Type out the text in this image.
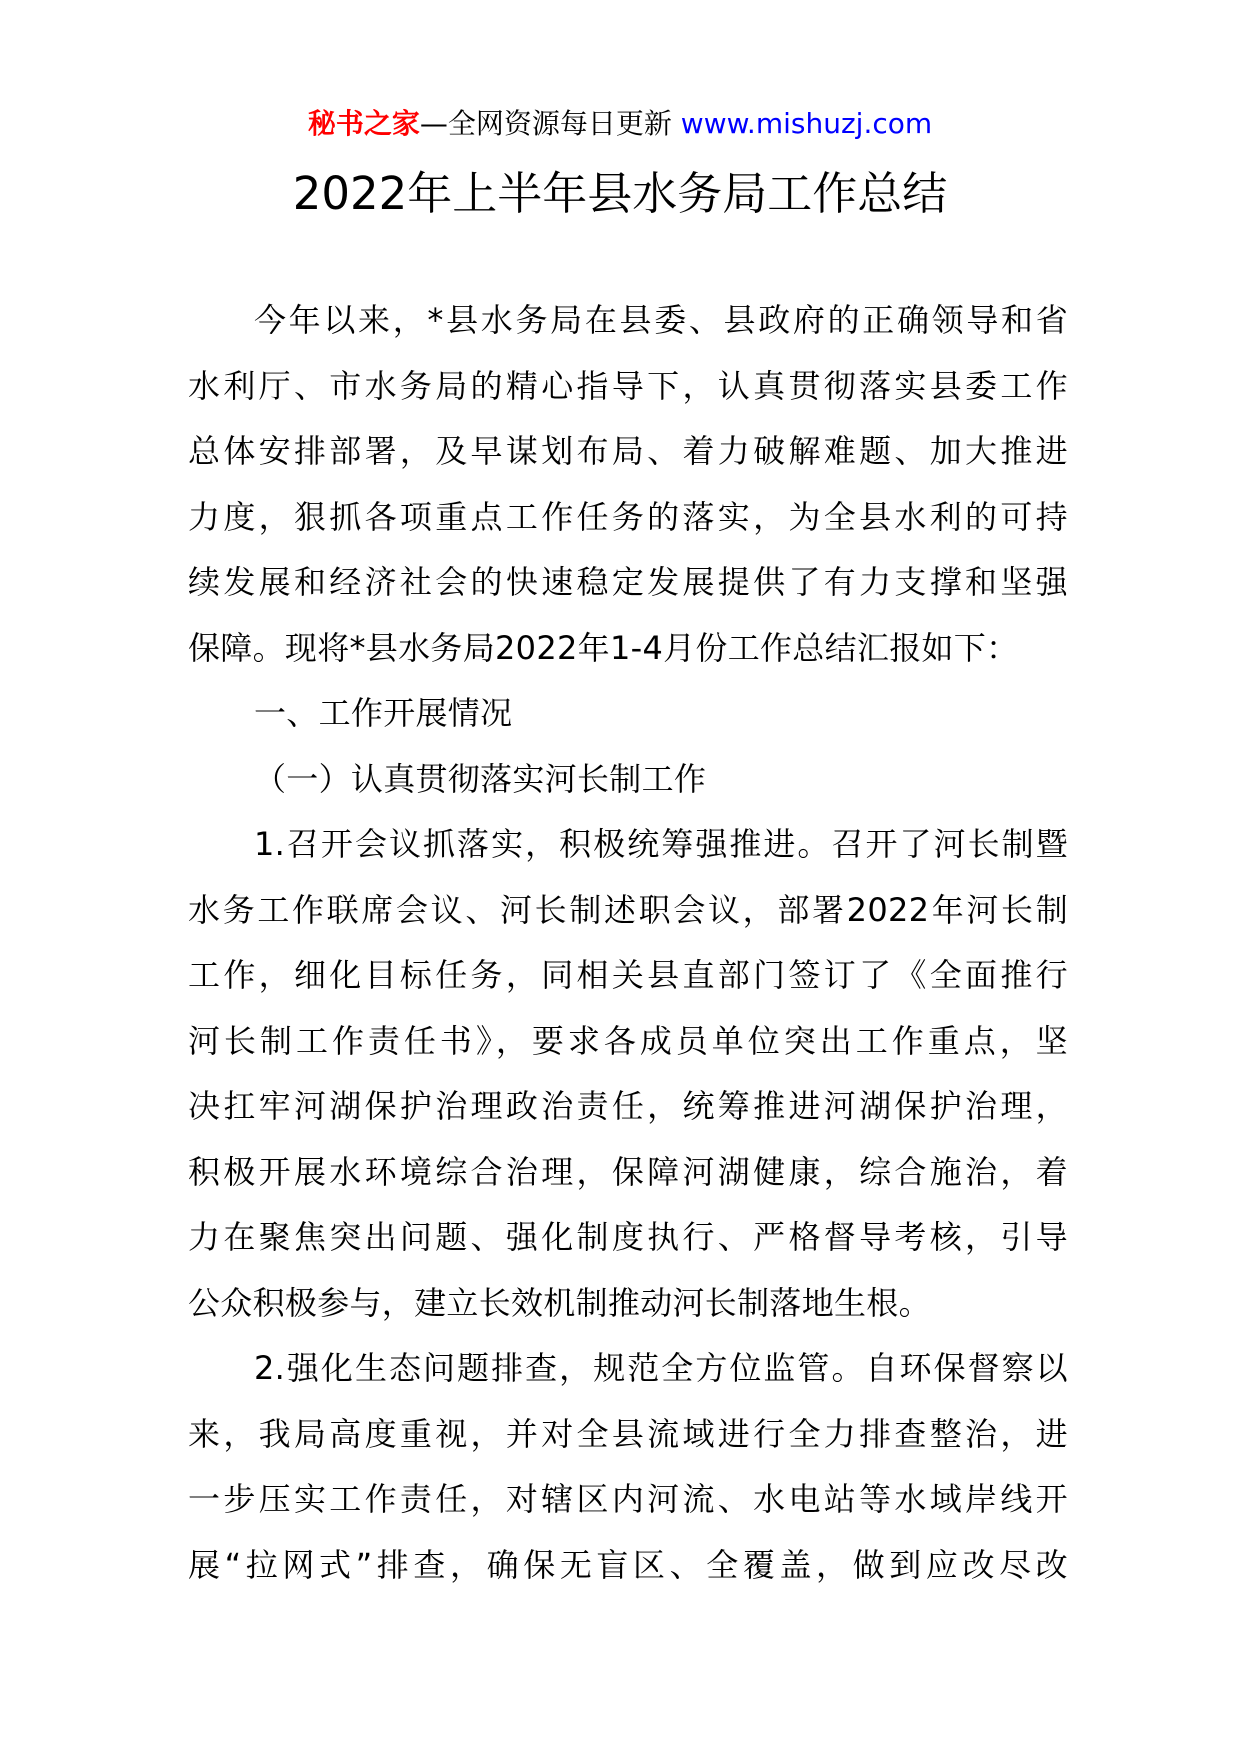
秘书之家—全网资源每日更新 www.mishuzj.com
2022年上半年县水务局工作总结
今年以来，*县水务局在县委、县政府的正确领导和省
水利厅、市水务局的精心指导下，认真贯彻落实县委工作
总体安排部署，及早谋划布局、着力破解难题、加大推进
力度，狠抓各项重点工作任务的落实，为全县水利的可持
续发展和经济社会的快速稳定发展提供了有力支撑和坚强
保障。现将*县水务局2022年1-4月份工作总结汇报如下：
一、工作开展情况
（一）认真贯彻落实河长制工作
1.召开会议抓落实，积极统筹强推进。召开了河长制暨
水务工作联席会议、河长制述职会议，部署2022年河长制
工作，细化目标任务，同相关县直部门签订了《全面推行
河长制工作责任书》，要求各成员单位突出工作重点，坚
决扛牢河湖保护治理政治责任，统筹推进河湖保护治理，
积极开展水环境综合治理，保障河湖健康，综合施治，着
力在聚焦突出问题、强化制度执行、严格督导考核，引导
公众积极参与，建立长效机制推动河长制落地生根。
2.强化生态问题排查，规范全方位监管。自环保督察以
来，我局高度重视，并对全县流域进行全力排查整治，进
一步压实工作责任，对辖区内河流、水电站等水域岸线开
展“拉网式”排查，确保无盲区、全覆盖，做到应改尽改
